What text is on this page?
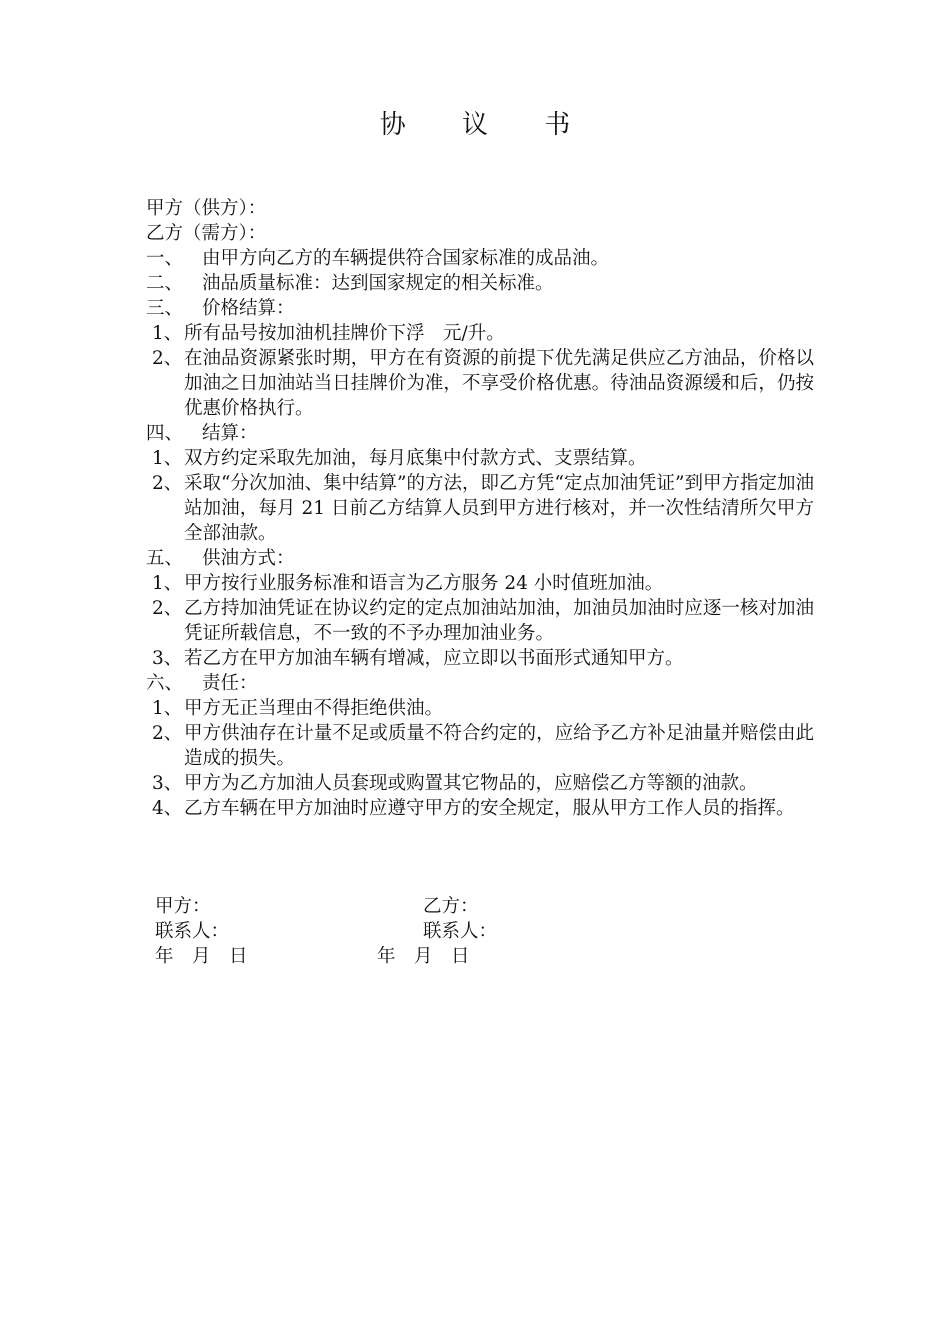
协 议 书
甲方（供方）：
乙方（需方）：
一、	由甲方向乙方的车辆提供符合国家标准的成品油。
二、	油品质量标准：达到国家规定的相关标准。
三、	价格结算：
1、 所有品号按加油机挂牌价下浮　元/升。
2、 在油品资源紧张时期，甲方在有资源的前提下优先满足供应乙方油品，价格以加油之日加油站当日挂牌价为准，不享受价格优惠。待油品资源缓和后，仍按优惠价格执行。
四、	结算：
1、 双方约定采取先加油，每月底集中付款方式、支票结算。
2、 采取“分次加油、集中结算”的方法，即乙方凭“定点加油凭证”到甲方指定加油站加油，每月 21 日前乙方结算人员到甲方进行核对，并一次性结清所欠甲方全部油款。
五、	供油方式：
1、 甲方按行业服务标准和语言为乙方服务 24 小时值班加油。
2、 乙方持加油凭证在协议约定的定点加油站加油，加油员加油时应逐一核对加油凭证所载信息，不一致的不予办理加油业务。
3、 若乙方在甲方加油车辆有增减，应立即以书面形式通知甲方。
六、	责任：
1、 甲方无正当理由不得拒绝供油。
2、 甲方供油存在计量不足或质量不符合约定的，应给予乙方补足油量并赔偿由此造成的损失。
3、 甲方为乙方加油人员套现或购置其它物品的，应赔偿乙方等额的油款。
4、 乙方车辆在甲方加油时应遵守甲方的安全规定，服从甲方工作人员的指挥。

甲方：

	乙方：

联系人：

	联系人：

年　月　日

	年　月　日
